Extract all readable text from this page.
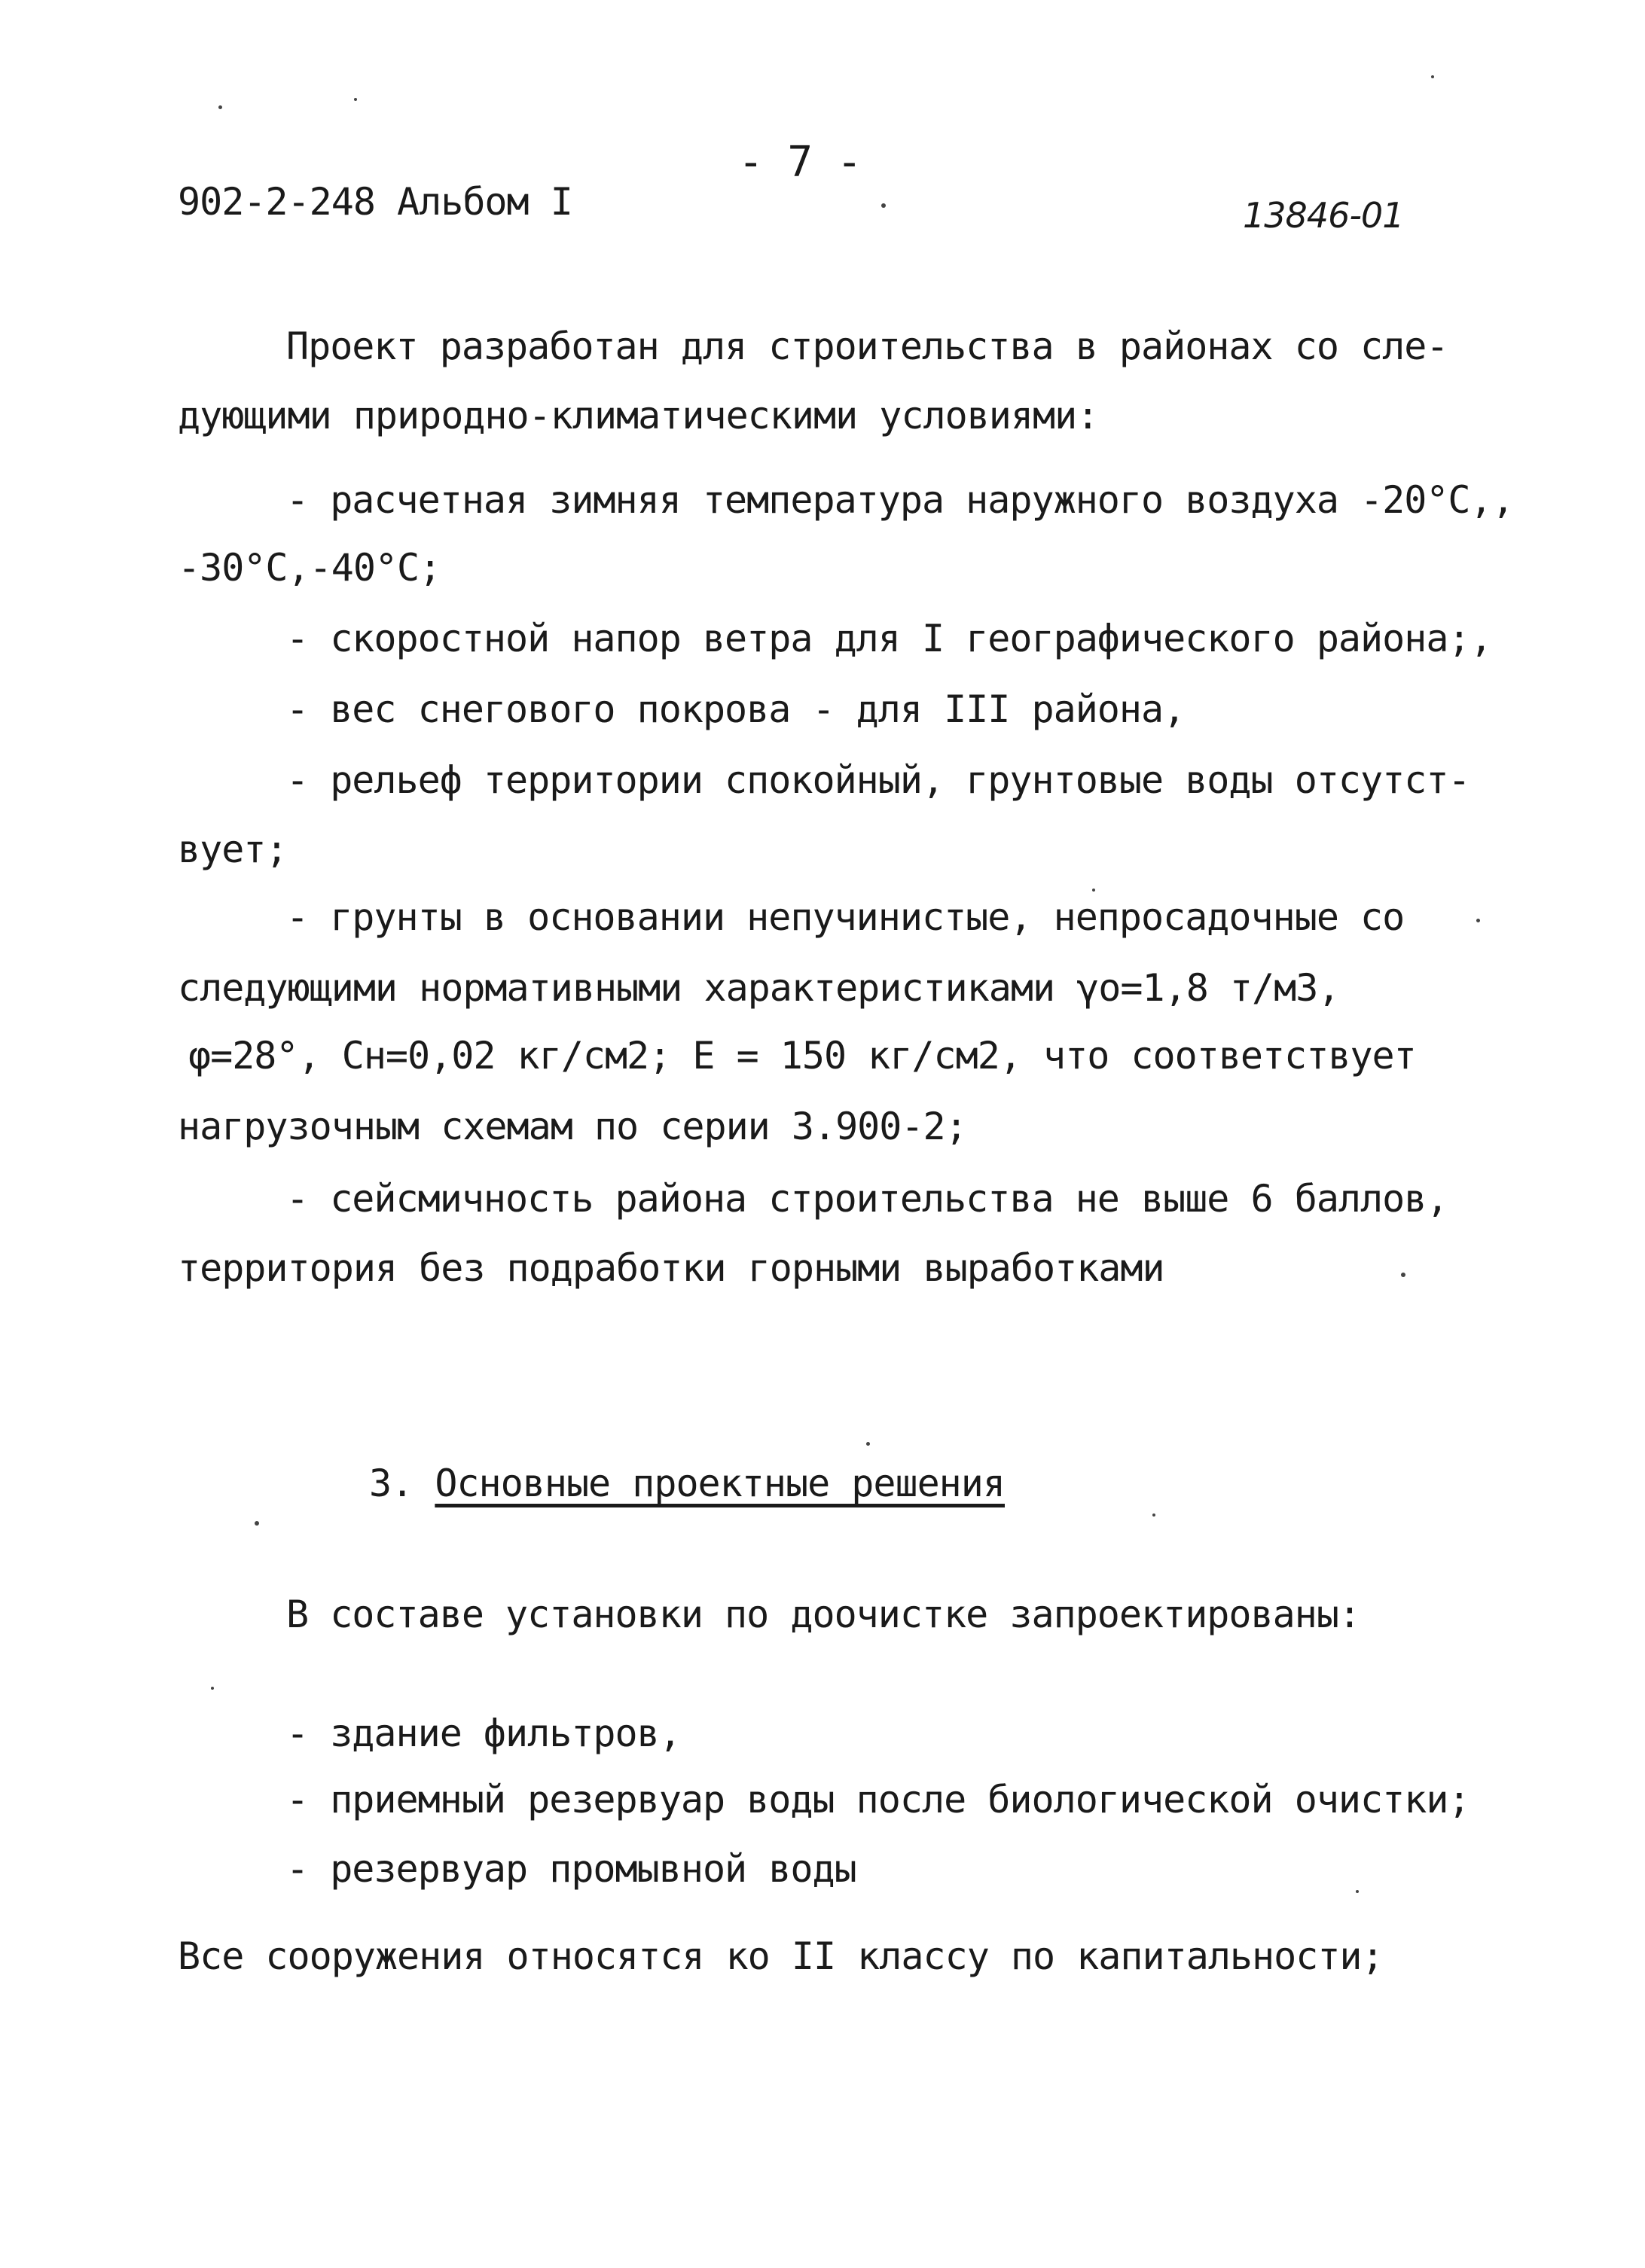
902-2-248 Альбом I
- 7 -
13846-01
Проект разработан для строительства в районах со сле-
дующими природно-климатическими условиями:
- расчетная зимняя температура наружного воздуха -20°С,,
-30°С,-40°С;
- скоростной напор ветра для I географического района;,
- вес снегового покрова - для III района,
- рельеф территории спокойный, грунтовые воды отсутст-
вует;
- грунты в основании непучинистые, непросадочные со
следующими нормативными характеристиками γо=1,8 т/м3,
φ=28°, Сн=0,02 кг/см2; Е = 150 кг/см2, что соответствует
нагрузочным схемам по серии 3.900-2;
- сейсмичность района строительства не выше 6 баллов,
территория без подработки горными выработками
3. Основные проектные решения
В составе установки по доочистке запроектированы:
- здание фильтров,
- приемный резервуар воды после биологической очистки;
- резервуар промывной воды
Все сооружения относятся ко II классу по капитальности;
